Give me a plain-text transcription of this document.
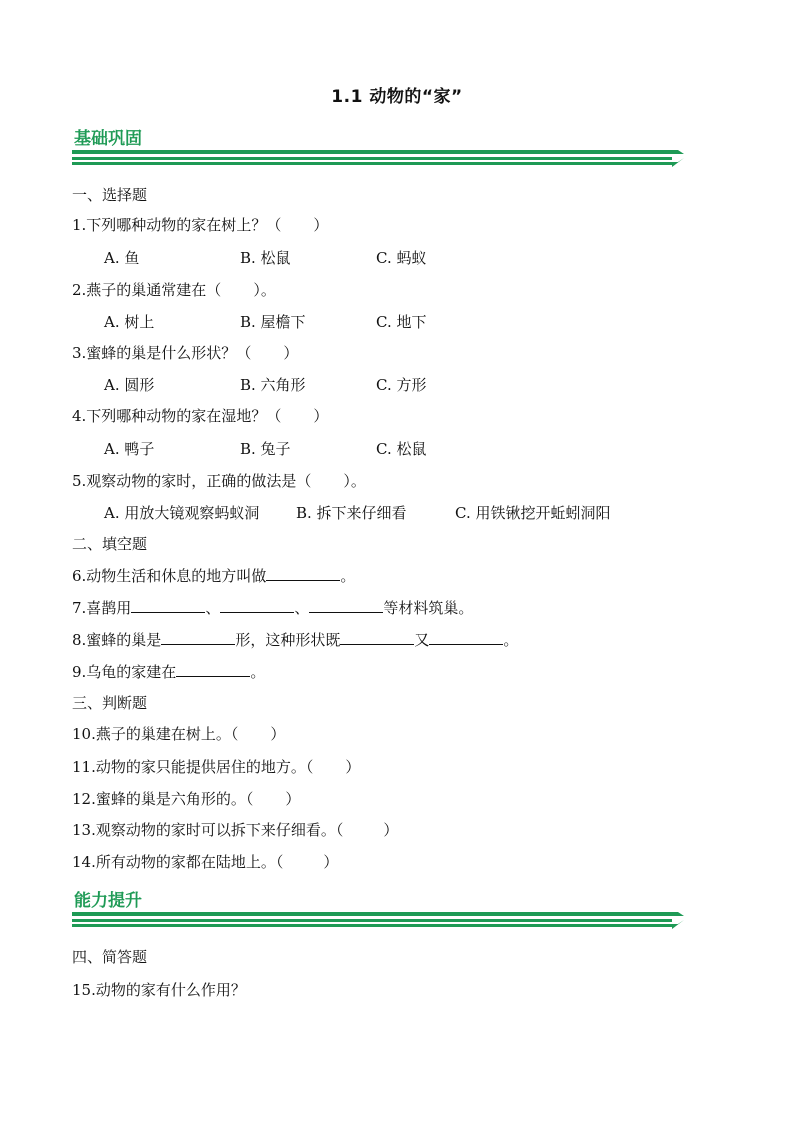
1.1 动物的“家”
基础巩固
一、选择题
1.下列哪种动物的家在树上？（ ）
A. 鱼	B. 松鼠	C. 蚂蚁
2.燕子的巢通常建在（ ）。
A. 树上	B. 屋檐下	C. 地下
3.蜜蜂的巢是什么形状？（ ）
A. 圆形	B. 六角形	C. 方形
4.下列哪种动物的家在湿地？（ ）
A. 鸭子	B. 兔子	C. 松鼠
5.观察动物的家时，正确的做法是（ ）。
A. 用放大镜观察蚂蚁洞 B. 拆下来仔细看	C. 用铁锹挖开蚯蚓洞阳
二、填空题
6.动物生活和休息的地方叫做	。
7.喜鹊用	、	、	等材料筑巢。
8.蜜蜂的巢是	形，这种形状既	又	。
9.乌龟的家建在	。
三、判断题
10.燕子的巢建在树上。（ ）
11.动物的家只能提供居住的地方。（ ）
12.蜜蜂的巢是六角形的。（ ）
13.观察动物的家时可以拆下来仔细看。（	）
14.所有动物的家都在陆地上。（	）
能力提升
四、简答题
15.动物的家有什么作用？
